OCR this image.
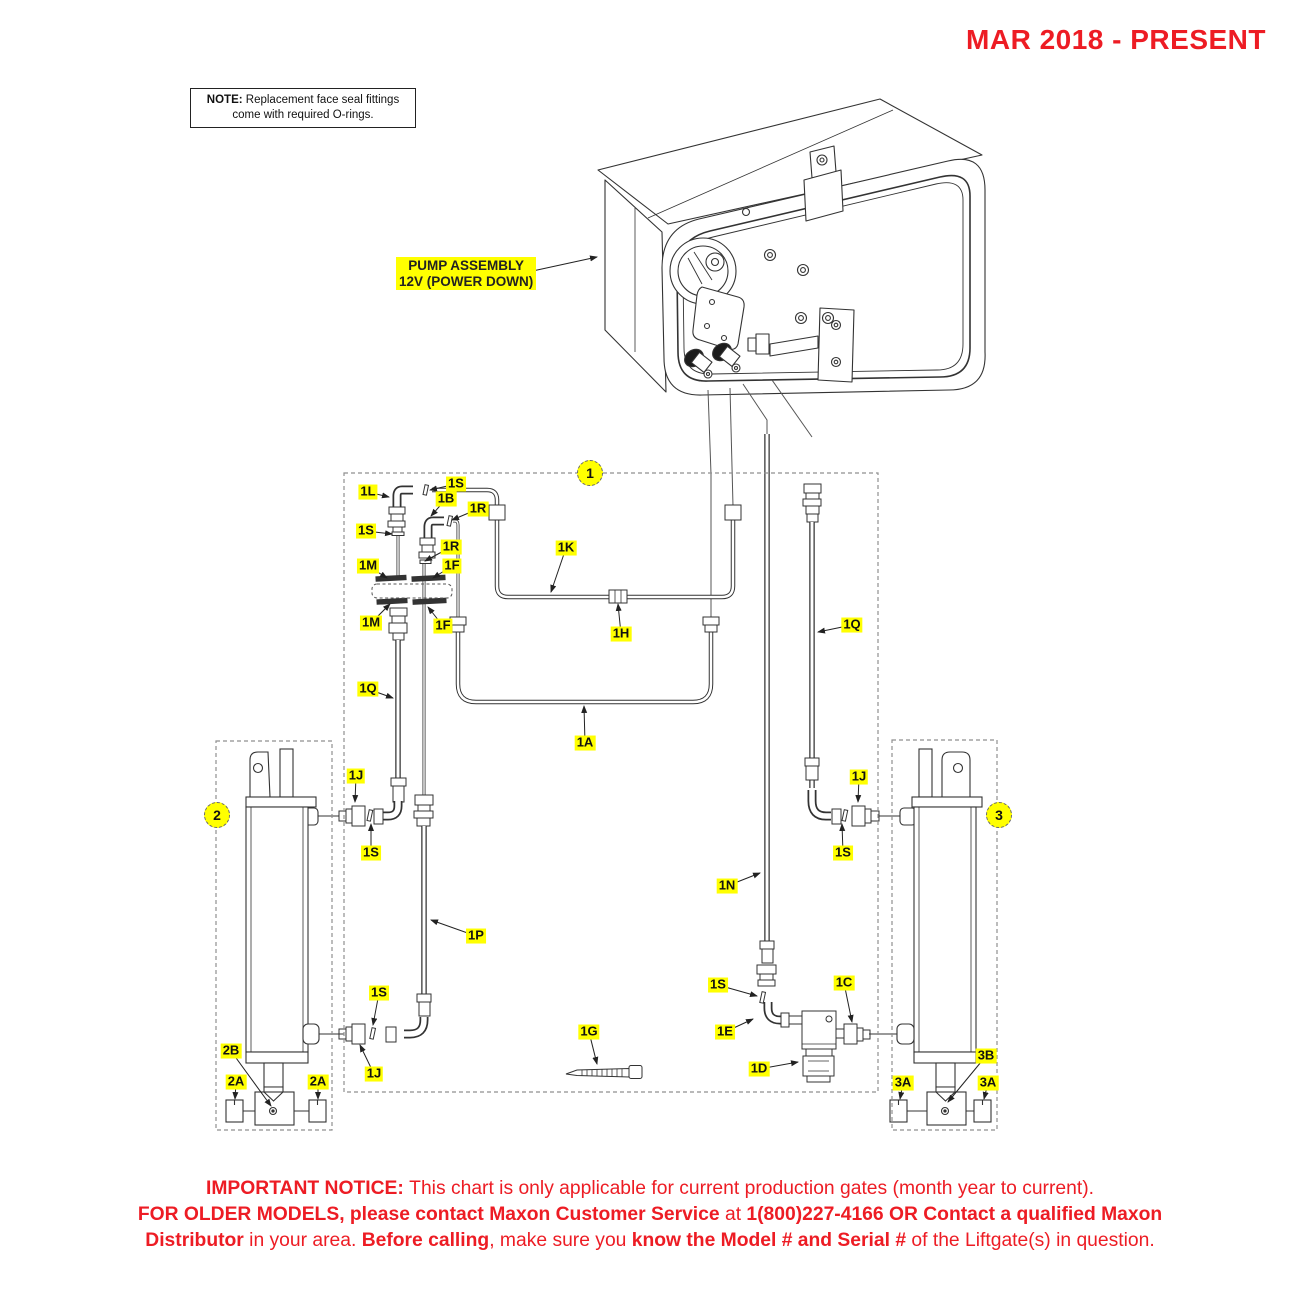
MAR 2018 - PRESENT
NOTE: Replacement face seal fittings
come with required O-rings.
PUMP ASSEMBLY
12V (POWER DOWN)
1S
1L	1B
1R
1S
1R
1M	1F
1M	1F
1K
1H
1Q
1A
1Q
1J
1S
1J
1S
1N
1P
1S
1E
1C
1D
1G
1S
1J
2B
2A	2A
3B
3A	3A
1
2	3
IMPORTANT NOTICE: This chart is only applicable for current production gates (month year to current).
FOR OLDER MODELS, please contact Maxon Customer Service at 1(800)227-4166 OR Contact a qualified Maxon
Distributor in your area. Before calling, make sure you know the Model # and Serial # of the Liftgate(s) in question.
